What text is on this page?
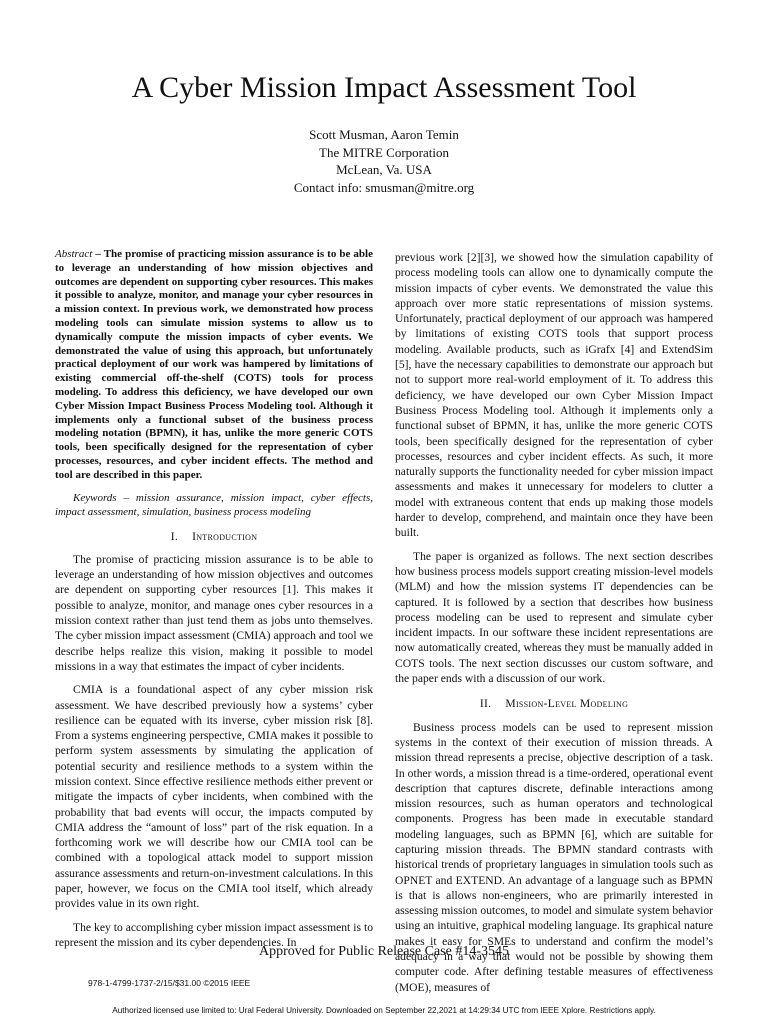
A Cyber Mission Impact Assessment Tool
Scott Musman, Aaron Temin
The MITRE Corporation
McLean, Va. USA
Contact info: smusman@mitre.org

Abstract – The promise of practicing mission assurance is to be able to leverage an understanding of how mission objectives and outcomes are dependent on supporting cyber resources. This makes it possible to analyze, monitor, and manage your cyber resources in a mission context. In previous work, we demonstrated how process modeling tools can simulate mission systems to allow us to dynamically compute the mission impacts of cyber events. We demonstrated the value of using this approach, but unfortunately practical deployment of our work was hampered by limitations of existing commercial off-the-shelf (COTS) tools for process modeling. To address this deficiency, we have developed our own Cyber Mission Impact Business Process Modeling tool. Although it implements only a functional subset of the business process modeling notation (BPMN), it has, unlike the more generic COTS tools, been specifically designed for the representation of cyber processes, resources, and cyber incident effects. The method and tool are described in this paper.

Keywords – mission assurance, mission impact, cyber effects, impact assessment, simulation, business process modeling

I. Introduction

The promise of practicing mission assurance is to be able to leverage an understanding of how mission objectives and outcomes are dependent on supporting cyber resources [1]. This makes it possible to analyze, monitor, and manage ones cyber resources in a mission context rather than just tend them as jobs unto themselves. The cyber mission impact assessment (CMIA) approach and tool we describe helps realize this vision, making it possible to model missions in a way that estimates the impact of cyber incidents.

CMIA is a foundational aspect of any cyber mission risk assessment. We have described previously how a systems’ cyber resilience can be equated with its inverse, cyber mission risk [8]. From a systems engineering perspective, CMIA makes it possible to perform system assessments by simulating the application of potential security and resilience methods to a system within the mission context. Since effective resilience methods either prevent or mitigate the impacts of cyber incidents, when combined with the probability that bad events will occur, the impacts computed by CMIA address the “amount of loss” part of the risk equation. In a forthcoming work we will describe how our CMIA tool can be combined with a topological attack model to support mission assurance assessments and return-on-investment calculations. In this paper, however, we focus on the CMIA tool itself, which already provides value in its own right.

The key to accomplishing cyber mission impact assessment is to represent the mission and its cyber dependencies. In

previous work [2][3], we showed how the simulation capability of process modeling tools can allow one to dynamically compute the mission impacts of cyber events. We demonstrated the value this approach over more static representations of mission systems. Unfortunately, practical deployment of our approach was hampered by limitations of existing COTS tools that support process modeling. Available products, such as iGrafx [4] and ExtendSim [5], have the necessary capabilities to demonstrate our approach but not to support more real-world employment of it. To address this deficiency, we have developed our own Cyber Mission Impact Business Process Modeling tool. Although it implements only a functional subset of BPMN, it has, unlike the more generic COTS tools, been specifically designed for the representation of cyber processes, resources and cyber incident effects. As such, it more naturally supports the functionality needed for cyber mission impact assessments and makes it unnecessary for modelers to clutter a model with extraneous content that ends up making those models harder to develop, comprehend, and maintain once they have been built.

The paper is organized as follows. The next section describes how business process models support creating mission-level models (MLM) and how the mission systems IT dependencies can be captured. It is followed by a section that describes how business process modeling can be used to represent and simulate cyber incident impacts. In our software these incident representations are now automatically created, whereas they must be manually added in COTS tools. The next section discusses our custom software, and the paper ends with a discussion of our work.

II. Mission-Level Modeling

Business process models can be used to represent mission systems in the context of their execution of mission threads. A mission thread represents a precise, objective description of a task. In other words, a mission thread is a time-ordered, operational event description that captures discrete, definable interactions among mission resources, such as human operators and technological components. Progress has been made in executable standard modeling languages, such as BPMN [6], which are suitable for capturing mission threads. The BPMN standard contrasts with historical trends of proprietary languages in simulation tools such as OPNET and EXTEND. An advantage of a language such as BPMN is that is allows non-engineers, who are primarily interested in assessing mission outcomes, to model and simulate system behavior using an intuitive, graphical modeling language. Its graphical nature makes it easy for SMEs to understand and confirm the model’s adequacy in a way that would not be possible by showing them computer code. After defining testable measures of effectiveness (MOE), measures of

Approved for Public Release Case #14-3545
978-1-4799-1737-2/15/$31.00 ©2015 IEEE
Authorized licensed use limited to: Ural Federal University. Downloaded on September 22,2021 at 14:29:34 UTC from IEEE Xplore. Restrictions apply.
